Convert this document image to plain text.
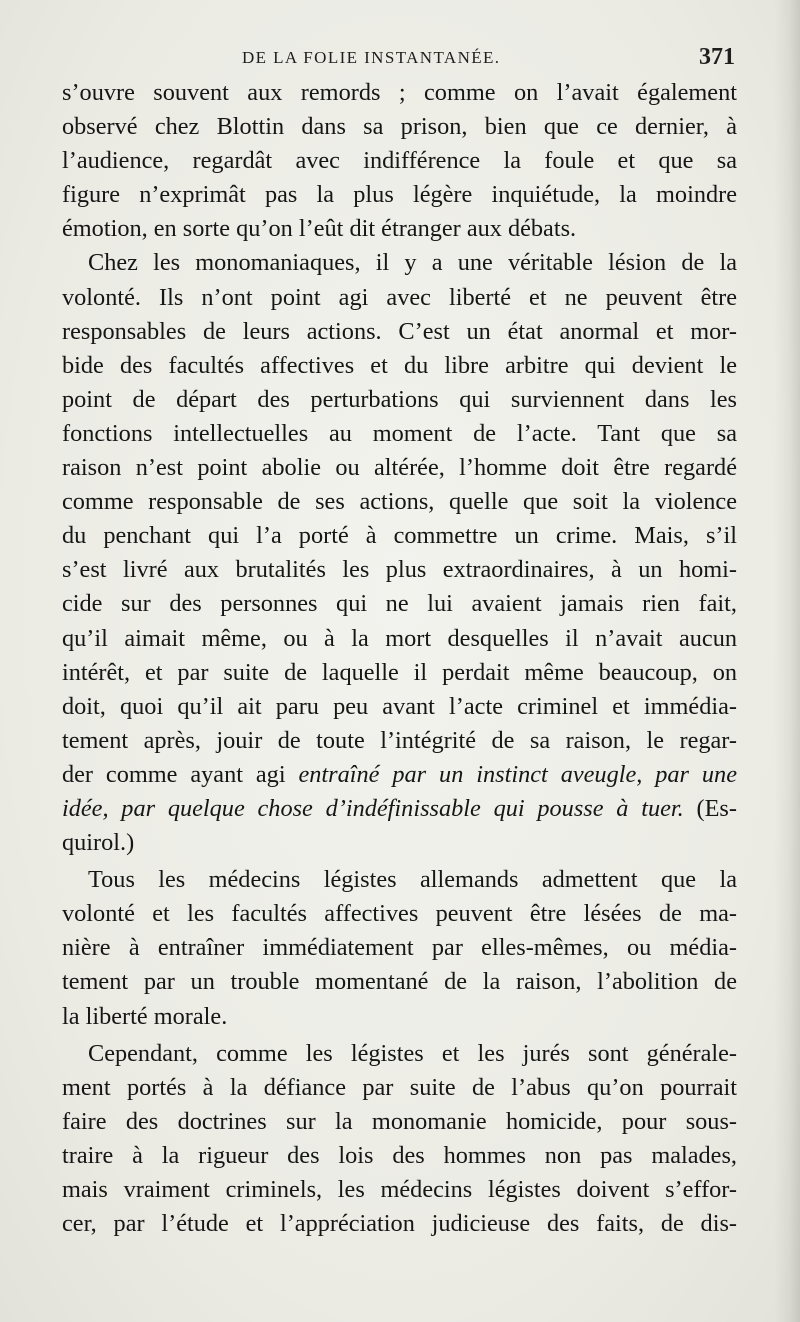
DE LA FOLIE INSTANTANÉE.	371
s’ouvre souvent aux remords ; comme on l’avait également
observé chez Blottin dans sa prison, bien que ce dernier, à
l’audience, regardât avec indifférence la foule et que sa
figure n’exprimât pas la plus légère inquiétude, la moindre
émotion, en sorte qu’on l’eût dit étranger aux débats.
Chez les monomaniaques, il y a une véritable lésion de la
volonté. Ils n’ont point agi avec liberté et ne peuvent être
responsables de leurs actions. C’est un état anormal et mor-
bide des facultés affectives et du libre arbitre qui devient le
point de départ des perturbations qui surviennent dans les
fonctions intellectuelles au moment de l’acte. Tant que sa
raison n’est point abolie ou altérée, l’homme doit être regardé
comme responsable de ses actions, quelle que soit la violence
du penchant qui l’a porté à commettre un crime. Mais, s’il
s’est livré aux brutalités les plus extraordinaires, à un homi-
cide sur des personnes qui ne lui avaient jamais rien fait,
qu’il aimait même, ou à la mort desquelles il n’avait aucun
intérêt, et par suite de laquelle il perdait même beaucoup, on
doit, quoi qu’il ait paru peu avant l’acte criminel et immédia-
tement après, jouir de toute l’intégrité de sa raison, le regar-
der comme ayant agi entraîné par un instinct aveugle, par une
idée, par quelque chose d’indéfinissable qui pousse à tuer. (Es-
quirol.)
Tous les médecins légistes allemands admettent que la
volonté et les facultés affectives peuvent être lésées de ma-
nière à entraîner immédiatement par elles-mêmes, ou média-
tement par un trouble momentané de la raison, l’abolition de
la liberté morale.
Cependant, comme les légistes et les jurés sont générale-
ment portés à la défiance par suite de l’abus qu’on pourrait
faire des doctrines sur la monomanie homicide, pour sous-
traire à la rigueur des lois des hommes non pas malades,
mais vraiment criminels, les médecins légistes doivent s’effor-
cer, par l’étude et l’appréciation judicieuse des faits, de dis-
